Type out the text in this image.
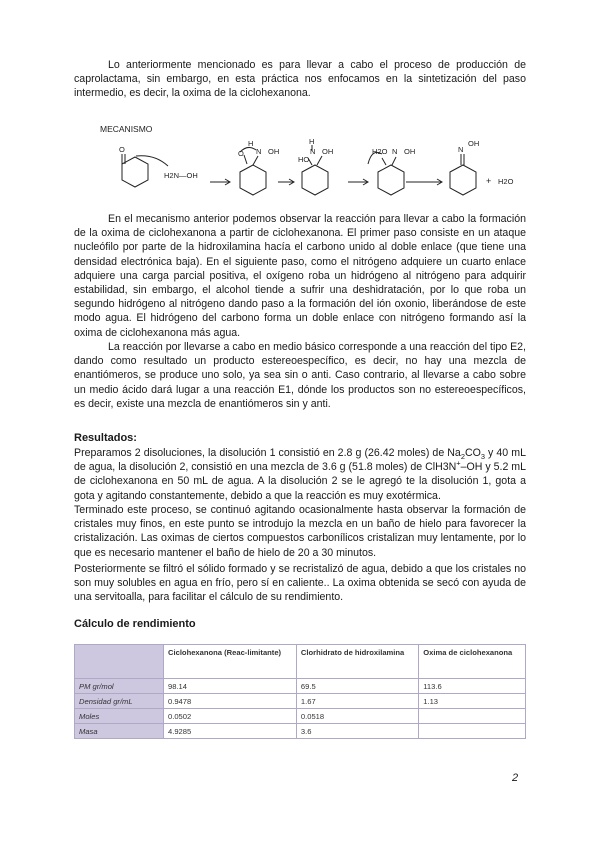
Lo anteriormente mencionado es para llevar a cabo el proceso de producción de caprolactama, sin embargo, en esta práctica nos enfocamos en la sintetización del paso intermedio, es decir, la oxima de la ciclohexanona.

MECANISMO
O
H2N—OH
H
O N OH
H
N OH
HO
H2O N OH	N
OH
+ H2O

En el mecanismo anterior podemos observar la reacción para llevar a cabo la formación de la oxima de ciclohexanona a partir de ciclohexanona. El primer paso consiste en un ataque nucleófilo por parte de la hidroxilamina hacía el carbono unido al doble enlace (que tiene una densidad electrónica baja). En el siguiente paso, como el nitrógeno adquiere un cuarto enlace adquiere una carga parcial positiva, el oxígeno roba un hidrógeno al nitrógeno para adquirir estabilidad, sin embargo, el alcohol tiende a sufrir una deshidratación, por lo que roba un segundo hidrógeno al nitrógeno dando paso a la formación del ión oxonio, liberándose de este modo agua. El hidrógeno del carbono forma un doble enlace con nitrógeno formando así la oxima de ciclohexanona más agua.

La reacción por llevarse a cabo en medio básico corresponde a una reacción del tipo E2, dando como resultado un producto estereoespecífico, es decir, no hay una mezcla de enantiómeros, se produce uno solo, ya sea sin o anti. Caso contrario, al llevarse a cabo sobre un medio ácido dará lugar a una reacción E1, dónde los productos son no estereoespecíficos, es decir, existe una mezcla de enantiómeros sin y anti.

Resultados:

Preparamos 2 disoluciones, la disolución 1 consistió en 2.8 g (26.42 moles) de $Na_2CO_3$ y 40 mL de agua, la disolución 2, consistió en una mezcla de 3.6 g (51.8 moles) de ClH3N+–OH y 5.2 mL de ciclohexanona en 50 mL de agua. A la disolución 2 se le agregó te la disolución 1, gota a gota y agitando constantemente, debido a que la reacción es muy exotérmica.

Terminado este proceso, se continuó agitando ocasionalmente hasta observar la formación de cristales muy finos, en este punto se introdujo la mezcla en un baño de hielo para favorecer la cristalización. Las oximas de ciertos compuestos carbonílicos cristalizan muy lentamente, por lo que es necesario mantener el baño de hielo de 20 a 30 minutos.

Posteriormente se filtró el sólido formado y se recristalizó de agua, debido a que los cristales no son muy solubles en agua en frío, pero sí en caliente.. La oxima obtenida se secó con ayuda de una servitoalla, para facilitar el cálculo de su rendimiento.

Cálculo de rendimiento
	Ciclohexanona (Reac-limitante)	Clorhidrato de hidroxilamina	Oxima de ciclohexanona
PM gr/mol	98.14	69.5	113.6
Densidad gr/mL	0.9478	1.67	1.13
Moles	0.0502	0.0518	
Masa	4.9285	3.6	
2
